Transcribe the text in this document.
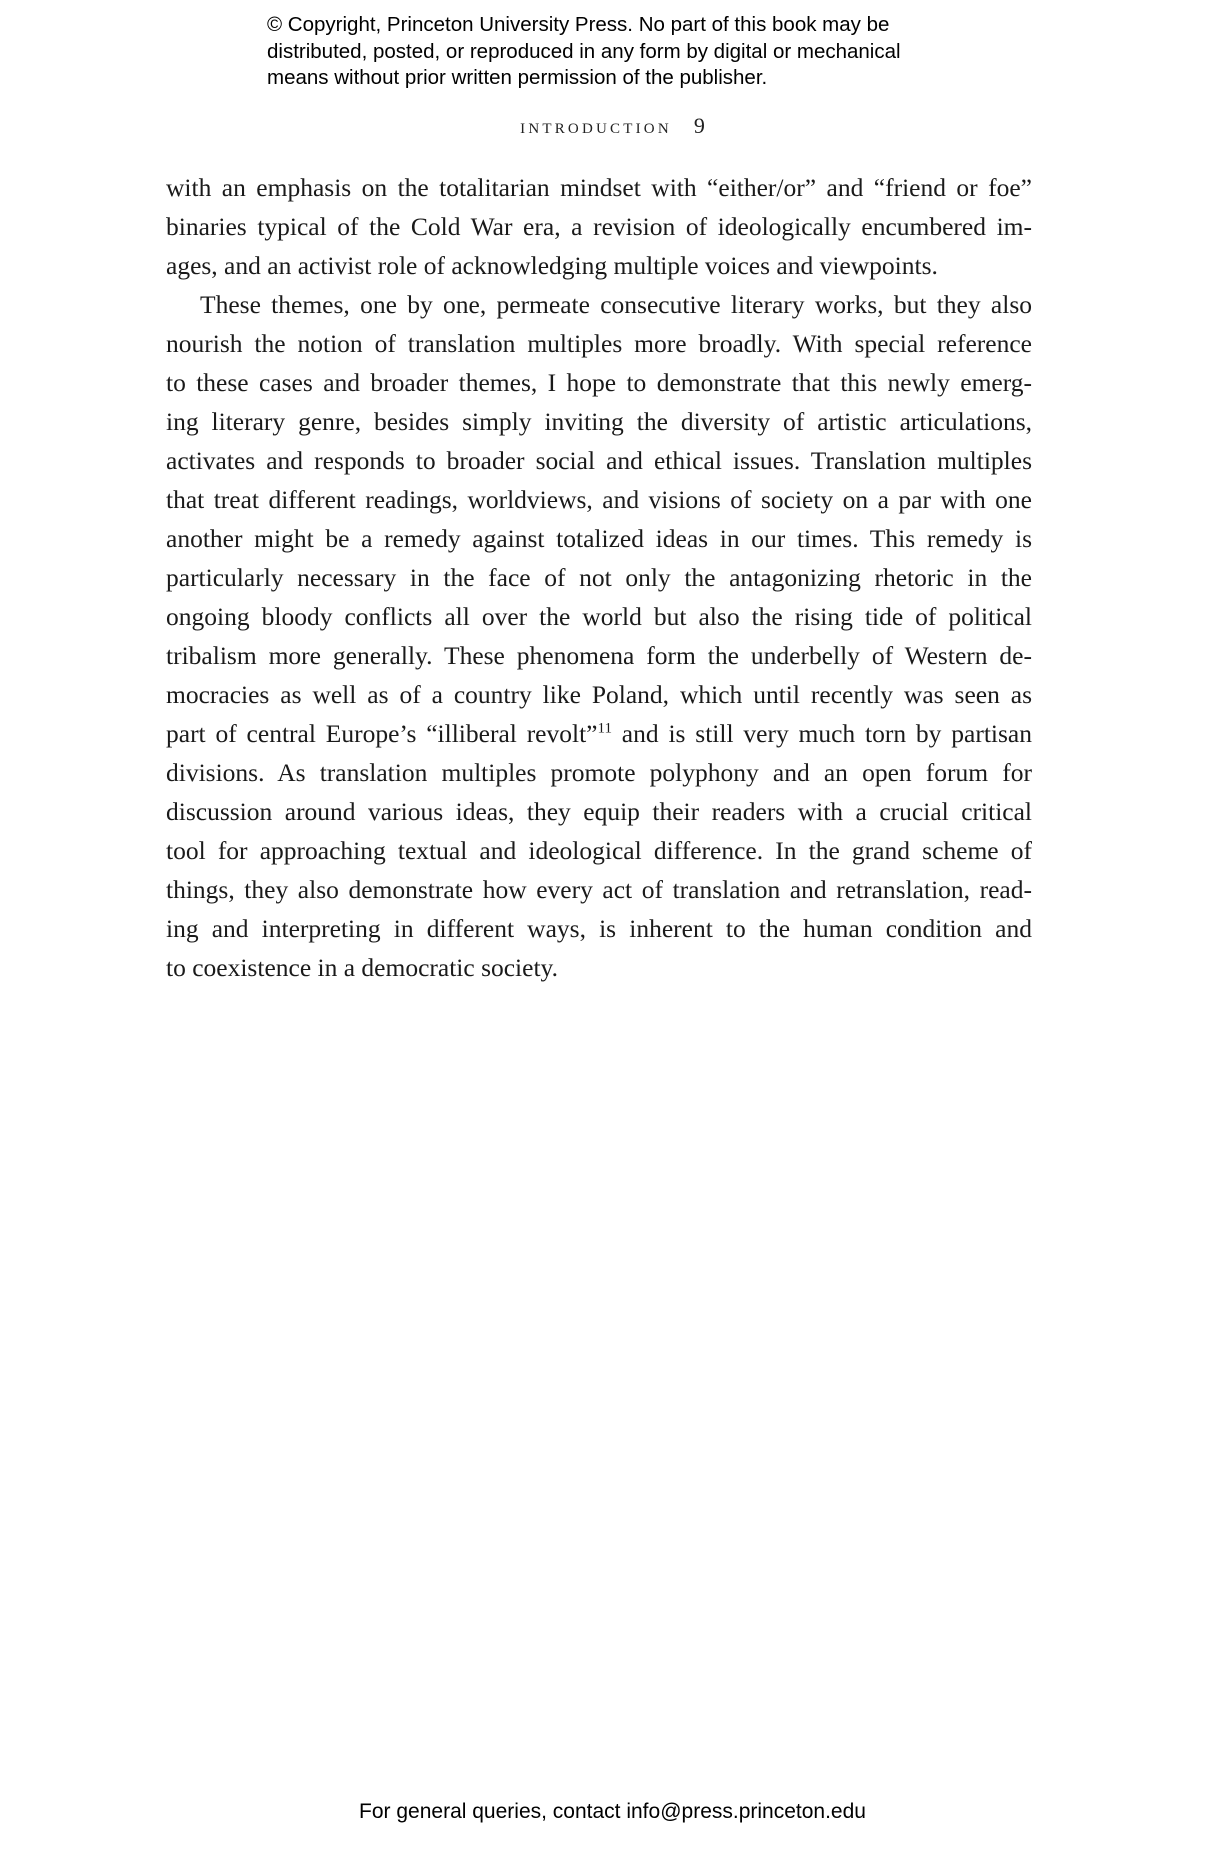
© Copyright, Princeton University Press. No part of this book may be
distributed, posted, or reproduced in any form by digital or mechanical
means without prior written permission of the publisher.
introduction 9
with an emphasis on the totalitarian mindset with “either/or” and “friend or foe”
binaries typical of the Cold War era, a revision of ideologically encumbered im-
ages, and an activist role of acknowledging multiple voices and viewpoints.
These themes, one by one, permeate consecutive literary works, but they also
nourish the notion of translation multiples more broadly. With special reference
to these cases and broader themes, I hope to demonstrate that this newly emerg-
ing literary genre, besides simply inviting the diversity of artistic articulations,
activates and responds to broader social and ethical issues. Translation multiples
that treat different readings, worldviews, and visions of society on a par with one
another might be a remedy against totalized ideas in our times. This remedy is
particularly necessary in the face of not only the antagonizing rhetoric in the
ongoing bloody conflicts all over the world but also the rising tide of political
tribalism more generally. These phenomena form the underbelly of Western de-
mocracies as well as of a country like Poland, which until recently was seen as
part of central Europe’s “illiberal revolt”$^{11}$ and is still very much torn by partisan
divisions. As translation multiples promote polyphony and an open forum for
discussion around various ideas, they equip their readers with a crucial critical
tool for approaching textual and ideological difference. In the grand scheme of
things, they also demonstrate how every act of translation and retranslation, read-
ing and interpreting in different ways, is inherent to the human condition and
to coexistence in a democratic society.
For general queries, contact info@press.princeton.edu
